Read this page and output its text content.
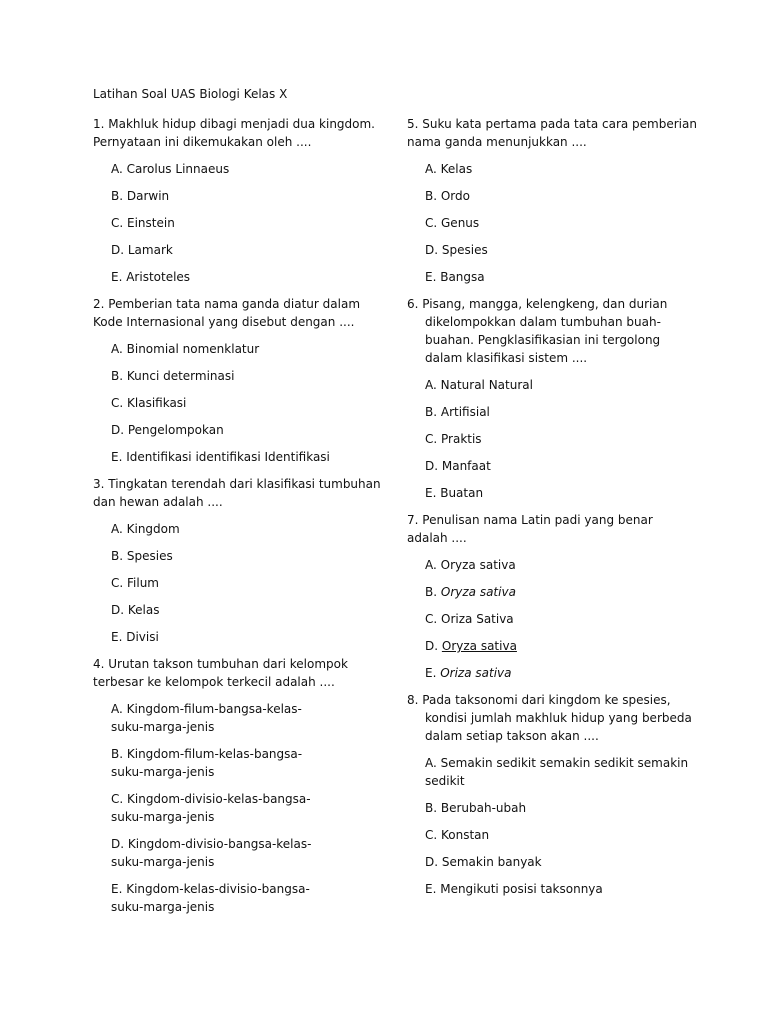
Latihan Soal UAS Biologi Kelas X
1. Makhluk hidup dibagi menjadi dua kingdom. Pernyataan ini dikemukakan oleh ....
A. Carolus Linnaeus
B. Darwin
C. Einstein
D. Lamark
E. Aristoteles
2. Pemberian tata nama ganda diatur dalam Kode Internasional yang disebut dengan ....
A. Binomial nomenklatur
B. Kunci determinasi
C. Klasifikasi
D. Pengelompokan
E. Identifikasi identifikasi Identifikasi
3. Tingkatan terendah dari klasifikasi tumbuhan dan hewan adalah ....
A. Kingdom
B. Spesies
C. Filum
D. Kelas
E. Divisi
4. Urutan takson tumbuhan dari kelompok terbesar ke kelompok terkecil adalah ....
A. Kingdom-filum-bangsa-kelas-suku-marga-jenis
B. Kingdom-filum-kelas-bangsa-suku-marga-jenis
C. Kingdom-divisio-kelas-bangsa-suku-marga-jenis
D. Kingdom-divisio-bangsa-kelas-suku-marga-jenis
E. Kingdom-kelas-divisio-bangsa-suku-marga-jenis
5. Suku kata pertama pada tata cara pemberian nama ganda menunjukkan ....
A. Kelas
B. Ordo
C. Genus
D. Spesies
E. Bangsa
6. Pisang, mangga, kelengkeng, dan durian dikelompokkan dalam tumbuhan buah-buahan. Pengklasifikasian ini tergolong dalam klasifikasi sistem ....
A. Natural Natural
B. Artifisial
C. Praktis
D. Manfaat
E. Buatan
7. Penulisan nama Latin padi yang benar adalah ....
A. Oryza sativa
B. Oryza sativa
C. Oriza Sativa
D. Oryza sativa
E. Oriza sativa
8. Pada taksonomi dari kingdom ke spesies, kondisi jumlah makhluk hidup yang berbeda dalam setiap takson akan ....
A. Semakin sedikit semakin sedikit semakin sedikit
B. Berubah-ubah
C. Konstan
D. Semakin banyak
E. Mengikuti posisi taksonnya
